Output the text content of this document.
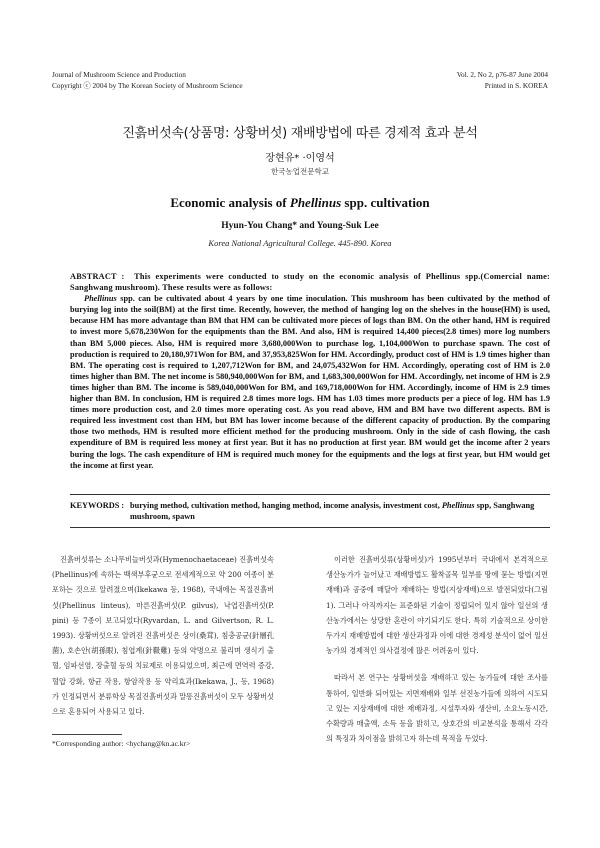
Journal of Mushroom Science and Production
Copyright ⓒ 2004 by The Korean Society of Mushroom Science
Vol. 2, No 2, p76-87 June 2004
Printed in S. KOREA
진흙버섯속(상품명: 상황버섯) 재배방법에 따른 경제적 효과 분석
장현유* ·이영석
한국농업전문학교
Economic analysis of Phellinus spp. cultivation
Hyun-You Chang* and Young-Suk Lee
Korea National Agricultural College. 445-890. Korea

ABSTRACT : This experiments were conducted to study on the economic analysis of Phellinus spp.(Comercial name: Sanghwang mushroom). These results were as follows:

Phellinus spp. can be cultivated about 4 years by one time inoculation. This mushroom has been cultivated by the method of burying log into the soil(BM) at the first time. Recently, however, the method of hanging log on the shelves in the house(HM) is used, because HM has more advantage than BM that HM can be cultivated more pieces of logs than BM. On the other hand, HM is required to invest more 5,678,230Won for the equipments than the BM. And also, HM is required 14,400 pieces(2.8 times) more log numbers than BM 5,000 pieces. Also, HM is required more 3,680,000Won to purchase log, 1,104,000Won to purchase spawn. The cost of production is required to 20,180,971Won for BM, and 37,953,825Won for HM. Accordingly, product cost of HM is 1.9 times higher than BM. The operating cost is required to 1,207,712Won for BM, and 24,075,432Won for HM. Accordingly, operating cost of HM is 2.0 times higher than BM. The net income is 580,940,000Won for BM, and 1,683,300,000Won for HM. Accordingly, net income of HM is 2.9 times higher than BM. The income is 589,040,000Won for BM, and 169,718,000Won for HM. Accordingly, income of HM is 2.9 times higher than BM. In conclusion, HM is required 2.8 times more logs. HM has 1.03 times more products per a piece of log. HM has 1.9 times more production cost, and 2.0 times more operating cost. As you read above, HM and BM have two different aspects. BM is required less investment cost than HM, but BM has lower income because of the different capacity of production. By the comparing those two methods, HM is resulted more efficient method for the producing mushroom. Only in the side of cash flowing, the cash expenditure of BM is required less money at first year. But it has no production at first year. BM would get the income after 2 years buring the logs. The cash expenditure of HM is required much money for the equipments and the logs at first year, but HM would get the income at first year.

KEYWORDS : burying method, cultivation method, hanging method, income analysis, investment cost, Phellinus spp, Sanghwang mushroom, spawn

진흙버섯류는 소나무비늘버섯과(Hymenochaetaceae) 진흙버섯속(Phellinus)에 속하는 백색부후균으로 전세계적으로 약 200 여종이 분포하는 것으로 알려졌으며(Ikekawa 등, 1968), 국내에는 목질진흙버섯(Phellinus linteus), 마른진흙버섯(P. gilvus), 낙엽진흙버섯(P. pini) 등 7종이 보고되었다(Ryvardan, L. and Gilvertson, R. L. 1993). 상황버섯으로 알려진 진흙버섯은 상이(桑茸), 침충공균(針層孔菌), 호손안(胡孫眼), 침엽계(針靸雞) 등의 약명으로 불리며 생식기 출혈, 임파선염, 장출혈 등의 치료제로 이용되었으며, 최근에 면역력 증강, 혈압 강화, 항균 작용, 항암작용 등 약리효과(Ikekawa, J., 등, 1968)가 인정되면서 분류학상 목질진흙버섯과 말똥진흙버섯이 모두 상황버섯으로 혼용되어 사용되고 있다.

이러한 진흙버섯류(상황버섯)가 1995년부터 국내에서 본격적으로 생산농가가 늘어났고 재배방법도 활착골목 일부를 땅에 묻는 방법(지면재배)과 공중에 매달아 재배하는 방법(지상재배)으로 발전되었다(그림 1). 그러나 아직까지는 표준화된 기술이 정립되어 있지 않아 일선의 생산농가에서는 상당한 혼란이 야기되기도 한다. 특히 기술적으로 상이한 두가지 재배방법에 대한 생산과정과 이에 대한 경제성 분석이 없어 일선 농가의 경제적인 의사결정에 많은 어려움이 있다.

따라서 본 연구는 상황버섯을 재배하고 있는 농가들에 대한 조사를 통하여, 일반화 되어있는 지면재배와 일부 선진농가들에 의하여 시도되고 있는 지상재배에 대한 재배과정, 시설투자와 생산비, 소요노동시간, 수확량과 매출액, 소득 등을 밝히고, 상호간의 비교분석을 통해서 각각의 특징과 차이점을 밝히고자 하는데 목적을 두었다.

*Corresponding author: <hychang@kn.ac.kr>
